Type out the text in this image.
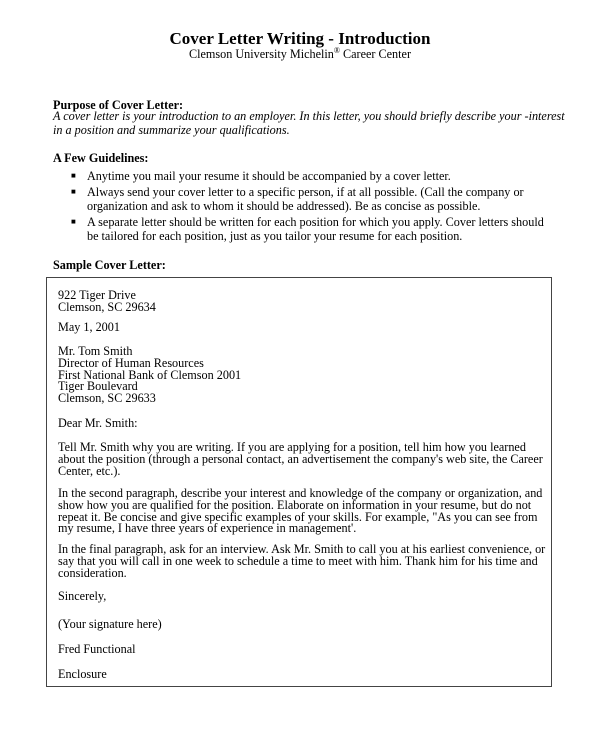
Cover Letter Writing - Introduction
Clemson University Michelin® Career Center
Purpose of Cover Letter:

A cover letter is your introduction to an employer. In this letter, you should briefly describe your -interest in a position and summarize your qualifications.

A Few Guidelines:
■ Anytime you mail your resume it should be accompanied by a cover letter.
■ Always send your cover letter to a specific person, if at all possible. (Call the company or organization and ask to whom it should be addressed). Be as concise as possible.
■ A separate letter should be written for each position for which you apply. Cover letters should be tailored for each position, just as you tailor your resume for each position.
Sample Cover Letter:

922 Tiger Drive

Clemson, SC 29634

May 1, 2001

Mr. Tom Smith

Director of Human Resources

First National Bank of Clemson 2001

Tiger Boulevard

Clemson, SC 29633

Dear Mr. Smith:

Tell Mr. Smith why you are writing. If you are applying for a position, tell him how you learned about the position (through a personal contact, an advertisement the company's web site, the Career Center, etc.).

In the second paragraph, describe your interest and knowledge of the company or organization, and show how you are qualified for the position. Elaborate on information in your resume, but do not repeat it. Be concise and give specific examples of your skills. For example, "As you can see from my resume, I have three years of experience in management'.

In the final paragraph, ask for an interview. Ask Mr. Smith to call you at his earliest convenience, or say that you will call in one week to schedule a time to meet with him. Thank him for his time and consideration.

Sincerely,

(Your signature here)

Fred Functional

Enclosure
